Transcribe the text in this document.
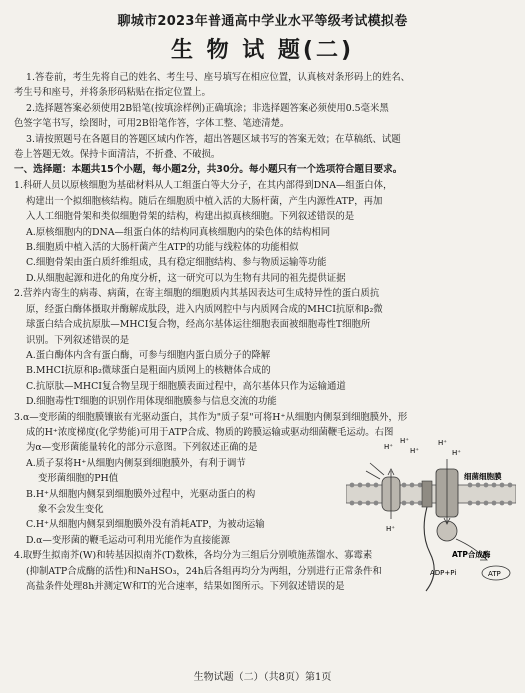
聊城市2023年普通高中学业水平等级考试模拟卷
生 物 试 题(二)
1.答卷前，考生先将自己的姓名、考生号、座号填写在相应位置，认真核对条形码上的姓名、
考生号和座号，并将条形码粘贴在指定位置上。
2.选择题答案必须使用2B铅笔(按填涂样例)正确填涂；非选择题答案必须使用0.5毫米黑
色签字笔书写，绘图时，可用2B铅笔作答，字体工整、笔迹清楚。
3.请按照题号在各题目的答题区域内作答，超出答题区域书写的答案无效；在草稿纸、试题
卷上答题无效。保持卡面清洁，不折叠、不破损。
一、选择题：本题共15个小题，每小题2分，共30分。每小题只有一个选项符合题目要求。
1.科研人员以原核细胞为基础材料从人工组蛋白等大分子，在其内部得到DNA—组蛋白体，
构建出一个拟细胞核结构。随后在细胞质中植入活的大肠杆菌，产生内源性ATP，再加
入人工细胞骨架和类似细胞骨架的结构，构建出拟真核细胞。下列叙述错误的是
A.原核细胞内的DNA—组蛋白体的结构同真核细胞内的染色体的结构相同
B.细胞质中植入活的大肠杆菌产生ATP的功能与线粒体的功能相似
C.细胞骨架由蛋白质纤维组成，具有稳定细胞结构、参与物质运输等功能
D.从细胞起源和进化的角度分析，这一研究可以为生物有共同的祖先提供证据
2.营养内寄生的病毒、病菌，在寄主细胞的细胞质内其基因表达可生成特异性的蛋白质抗
原，经蛋白酶体摄取并酶解成肽段，进入内质网腔中与内质网合成的MHCⅠ抗原和β₂微
球蛋白结合成抗原肽—MHCⅠ复合物，经高尔基体运往细胞表面被细胞毒性T细胞所
识别。下列叙述错误的是
A.蛋白酶体内含有蛋白酶，可参与细胞内蛋白质分子的降解
B.MHCⅠ抗原和β₂微球蛋白是粗面内质网上的核糖体合成的
C.抗原肽—MHCⅠ复合物呈现于细胞膜表面过程中，高尔基体只作为运输通道
D.细胞毒性T细胞的识别作用体现细胞膜参与信息交流的功能
3.α—变形菌的细胞膜镶嵌有光驱动蛋白，其作为"质子泵"可将H⁺从细胞内侧泵到细胞膜外，形
成的H⁺浓度梯度(化学势能)可用于ATP合成、物质的跨膜运输或驱动细菌鞭毛运动。右图
为α—变形菌能量转化的部分示意图。下列叙述正确的是
A.质子泵将H⁺从细胞内侧泵到细胞膜外，有利于调节
变形菌细胞的PH值
B.H⁺从细胞内侧泵到细胞膜外过程中，光驱动蛋白的构
象不会发生变化
C.H⁺从细胞内侧泵到细胞膜外没有消耗ATP，为被动运输
D.α—变形菌的鞭毛运动可利用光能作为直接能源
4.取野生拟南芥(W)和转基因拟南芥(T)数株，各均分为三组后分别喷施蒸馏水、寡霉素
(抑制ATP合成酶的活性)和NaHSO₃，24h后各组再均分为两组，分别进行正常条件和
高盐条件处理8h并测定W和T的光合速率，结果如图所示。下列叙述错误的是
H⁺
H⁺
H⁺
H⁺
H⁺
H⁺
细菌细胞膜
ATP合成酶
ADP+Pi	ATP
生物试题（二）（共8页）第1页
